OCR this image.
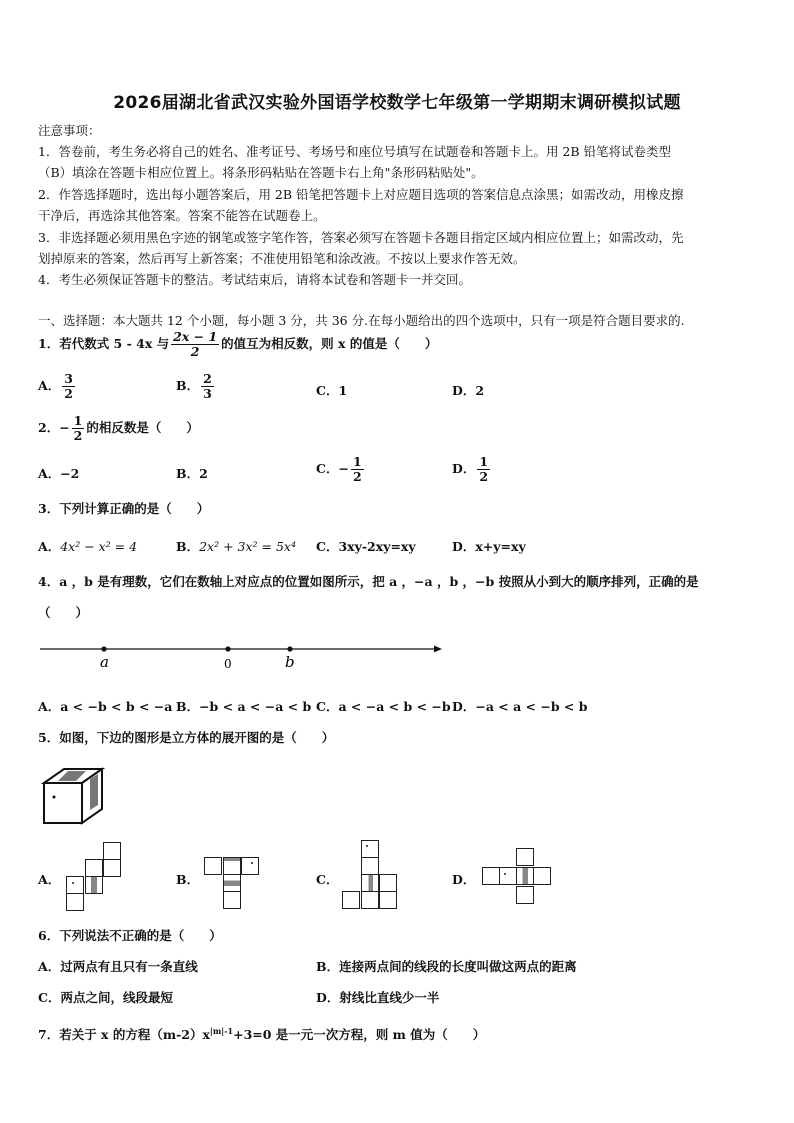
2026届湖北省武汉实验外国语学校数学七年级第一学期期末调研模拟试题
注意事项：
1．答卷前，考生务必将自己的姓名、准考证号、考场号和座位号填写在试题卷和答题卡上。用 2B 铅笔将试卷类型
（B）填涂在答题卡相应位置上。将条形码粘贴在答题卡右上角"条形码粘贴处"。
2．作答选择题时，选出每小题答案后，用 2B 铅笔把答题卡上对应题目选项的答案信息点涂黑；如需改动，用橡皮擦
干净后，再选涂其他答案。答案不能答在试题卷上。
3．非选择题必须用黑色字迹的钢笔或签字笔作答，答案必须写在答题卡各题目指定区域内相应位置上；如需改动，先
划掉原来的答案，然后再写上新答案；不准使用铅笔和涂改液。不按以上要求作答无效。
4．考生必须保证答题卡的整洁。考试结束后，请将本试卷和答题卡一并交回。
一、选择题：本大题共 12 个小题，每小题 3 分，共 36 分.在每小题给出的四个选项中，只有一项是符合题目要求的.
1．若代数式 5 - 4x 与 $\frac{2x - 1}{2}$ 的值互为相反数，则 x 的值是（　　）
A． $\frac{3}{2}$	B． $\frac{2}{3}$	C．1	D．2
2．− $\frac{1}{2}$ 的相反数是（　　）
A．−2	B．2	C．− $\frac{1}{2}$	D． $\frac{1}{2}$
3．下列计算正确的是（　　）
A．4x² − x² = 4	B．2x² + 3x² = 5x⁴ C．3xy-2xy=xy	D．x+y=xy
4．a ，b 是有理数，它们在数轴上对应点的位置如图所示，把 a ，−a ，b ，−b 按照从小到大的顺序排列，正确的是
（　　）
a	0	b
A．a < −b < b < −a B．−b < a < −a < b C．a < −a < b < −b D．−a < a < −b < b
5．如图，下边的图形是立方体的展开图的是（　　）
A．	B．	C．	D．
6．下列说法不正确的是（　　）
A．过两点有且只有一条直线	B．连接两点间的线段的长度叫做这两点的距离
C．两点之间，线段最短	D．射线比直线少一半
7．若关于 x 的方程$(m-2)x^{|m|-1}+3=0$ 是一元一次方程，则 m 值为（　　）
